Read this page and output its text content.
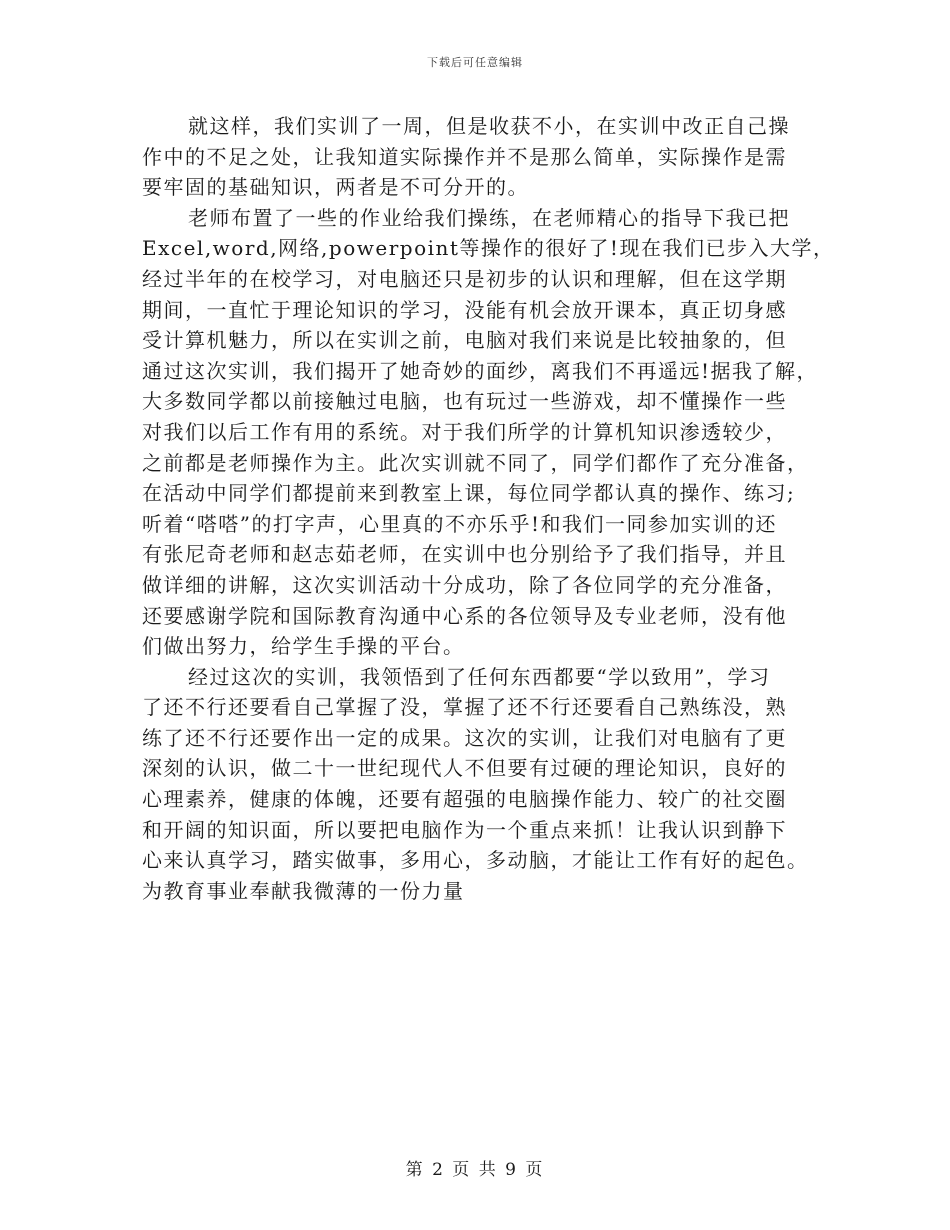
下载后可任意编辑
就这样，我们实训了一周，但是收获不小，在实训中改正自己操
作中的不足之处，让我知道实际操作并不是那么简单，实际操作是需
要牢固的基础知识，两者是不可分开的。
老师布置了一些的作业给我们操练，在老师精心的指导下我已把
Excel,word,网络,powerpoint等操作的很好了!现在我们已步入大学，
经过半年的在校学习，对电脑还只是初步的认识和理解，但在这学期
期间，一直忙于理论知识的学习，没能有机会放开课本，真正切身感
受计算机魅力，所以在实训之前，电脑对我们来说是比较抽象的，但
通过这次实训，我们揭开了她奇妙的面纱，离我们不再遥远!据我了解，
大多数同学都以前接触过电脑，也有玩过一些游戏，却不懂操作一些
对我们以后工作有用的系统。对于我们所学的计算机知识渗透较少，
之前都是老师操作为主。此次实训就不同了，同学们都作了充分准备，
在活动中同学们都提前来到教室上课，每位同学都认真的操作、练习;
听着“嗒嗒”的打字声，心里真的不亦乐乎!和我们一同参加实训的还
有张尼奇老师和赵志茹老师，在实训中也分别给予了我们指导，并且
做详细的讲解，这次实训活动十分成功，除了各位同学的充分准备，
还要感谢学院和国际教育沟通中心系的各位领导及专业老师，没有他
们做出努力，给学生手操的平台。
经过这次的实训，我领悟到了任何东西都要“学以致用”，学习
了还不行还要看自己掌握了没，掌握了还不行还要看自己熟练没，熟
练了还不行还要作出一定的成果。这次的实训，让我们对电脑有了更
深刻的认识，做二十一世纪现代人不但要有过硬的理论知识，良好的
心理素养，健康的体魄，还要有超强的电脑操作能力、较广的社交圈
和开阔的知识面，所以要把电脑作为一个重点来抓！让我认识到静下
心来认真学习，踏实做事，多用心，多动脑，才能让工作有好的起色。
为教育事业奉献我微薄的一份力量
第 2 页 共 9 页
